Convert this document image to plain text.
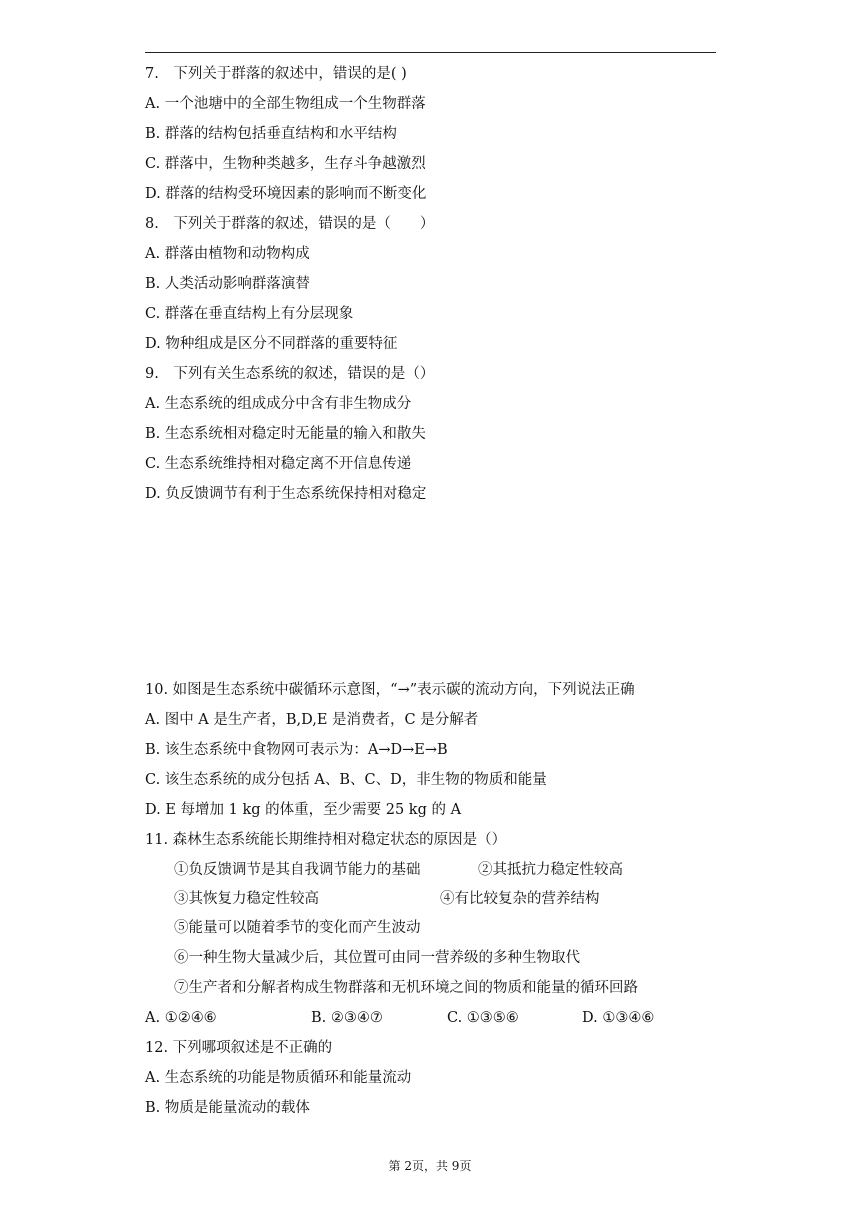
7.　下列关于群落的叙述中，错误的是( )
A. 一个池塘中的全部生物组成一个生物群落
B. 群落的结构包括垂直结构和水平结构
C. 群落中，生物种类越多，生存斗争越激烈
D. 群落的结构受环境因素的影响而不断变化
8.　下列关于群落的叙述，错误的是（　　）
A. 群落由植物和动物构成
B. 人类活动影响群落演替
C. 群落在垂直结构上有分层现象
D. 物种组成是区分不同群落的重要特征
9.　下列有关生态系统的叙述，错误的是（）
A. 生态系统的组成成分中含有非生物成分
B. 生态系统相对稳定时无能量的输入和散失
C. 生态系统维持相对稳定离不开信息传递
D. 负反馈调节有利于生态系统保持相对稳定
10. 如图是生态系统中碳循环示意图，“→”表示碳的流动方向，下列说法正确
A. 图中 A 是生产者，B,D,E 是消费者，C 是分解者
B. 该生态系统中食物网可表示为：A→D→E→B
C. 该生态系统的成分包括 A、B、C、D，非生物的物质和能量
D. E 每增加 1 kg 的体重，至少需要 25 kg 的 A
11. 森林生态系统能长期维持相对稳定状态的原因是（）
①负反馈调节是其自我调节能力的基础	②其抵抗力稳定性较高
③其恢复力稳定性较高	④有比较复杂的营养结构
⑤能量可以随着季节的变化而产生波动
⑥一种生物大量减少后，其位置可由同一营养级的多种生物取代
⑦生产者和分解者构成生物群落和无机环境之间的物质和能量的循环回路
A. ①②④⑥	B. ②③④⑦	C. ①③⑤⑥	D. ①③④⑥
12. 下列哪项叙述是不正确的
A. 生态系统的功能是物质循环和能量流动
B. 物质是能量流动的载体
第 2页，共 9页
